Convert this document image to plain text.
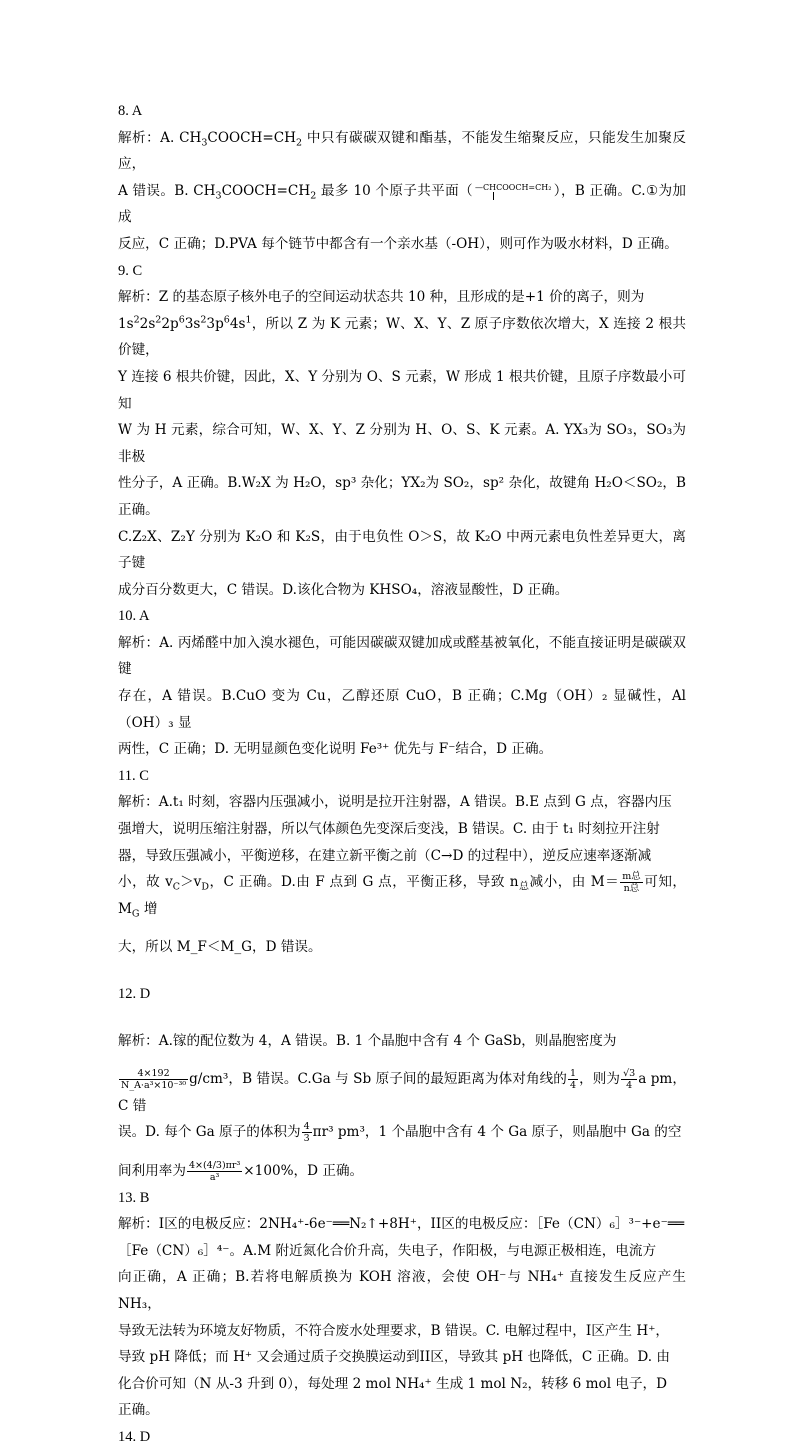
8. A

解析：A. $CH_3COOCH=CH_2$ 中只有碳碳双键和酯基，不能发生缩聚反应，只能发生加聚反应，

A 错误。B. $CH_3COOCH=CH_2$ 最多 10 个原子共平面（ —CHCOOCH=CH₂ ），B 正确。C.①为加成

反应，C 正确；D.PVA 每个链节中都含有一个亲水基（-OH），则可作为吸水材料，D 正确。

9. C

解析：Z 的基态原子核外电子的空间运动状态共 10 种，且形成的是+1 价的离子，则为

$1s^22s^22p^63s^23p^64s^1$，所以 Z 为 K 元素；W、X、Y、Z 原子序数依次增大，X 连接 2 根共价键，

Y 连接 6 根共价键，因此，X、Y 分别为 O、S 元素，W 形成 1 根共价键，且原子序数最小可知

W 为 H 元素，综合可知，W、X、Y、Z 分别为 H、O、S、K 元素。A. YX₃为 SO₃，SO₃为非极

性分子，A 正确。B.W₂X 为 H₂O，sp³ 杂化；YX₂为 SO₂，sp² 杂化，故键角 H₂O＜SO₂，B 正确。

C.Z₂X、Z₂Y 分别为 K₂O 和 K₂S，由于电负性 O＞S，故 K₂O 中两元素电负性差异更大，离子键

成分百分数更大，C 错误。D.该化合物为 KHSO₄，溶液显酸性，D 正确。

10. A

解析：A. 丙烯醛中加入溴水褪色，可能因碳碳双键加成或醛基被氧化，不能直接证明是碳碳双键

存在，A 错误。B.CuO 变为 Cu，乙醇还原 CuO，B 正确；C.Mg（OH）₂ 显碱性，Al（OH）₃ 显

两性，C 正确；D. 无明显颜色变化说明 Fe³⁺ 优先与 F⁻结合，D 正确。

11. C

解析：A.t₁ 时刻，容器内压强减小，说明是拉开注射器，A 错误。B.E 点到 G 点，容器内压

强增大，说明压缩注射器，所以气体颜色先变深后变浅，B 错误。C. 由于 t₁ 时刻拉开注射

器，导致压强减小，平衡逆移，在建立新平衡之前（C→D 的过程中），逆反应速率逐渐减

小，故 $v_C>v_D$，C 正确。D.由 F 点到 G 点，平衡正移，导致 $n_总$减小，由 $M= \frac{\text{m总}}{\text{n总}}$ 可知，$M_G$ 增

大，所以 M_F＜M_G，D 错误。

12. D

解析：A.镓的配位数为 4，A 错误。B. 1 个晶胞中含有 4 个 GaSb，则晶胞密度为

$\frac{4\times 192}{\text{N\_A·a³×10⁻³⁰}} g/cm^3$，B 错误。C.Ga 与 Sb 原子间的最短距离为体对角线的 $\frac{1}{4}$ ，则为 $\frac{√3}{4}$ a pm，C 错

误。D. 每个 Ga 原子的体积为 $\frac{4}{3} \pi r^3$ pm³，1 个晶胞中含有 4 个 Ga 原子，则晶胞中 Ga 的空

间利用率为 $\frac{\text{4×(4/3)πr³}}{\text{a³}} \times 100\%$，D 正确。

13. B

解析：I区的电极反应：2NH₄⁺-6e⁻══N₂↑+8H⁺，II区的电极反应：［Fe（CN）₆］³⁻+e⁻══

［Fe（CN）₆］⁴⁻。A.M 附近氮化合价升高，失电子，作阳极，与电源正极相连，电流方

向正确，A 正确；B.若将电解质换为 KOH 溶液，会使 OH⁻与 NH₄⁺ 直接发生反应产生 NH₃，

导致无法转为环境友好物质，不符合废水处理要求，B 错误。C. 电解过程中，I区产生 H⁺，

导致 pH 降低；而 H⁺ 又会通过质子交换膜运动到II区，导致其 pH 也降低，C 正确。D. 由

化合价可知（N 从-3 升到 0），每处理 2 mol NH₄⁺ 生成 1 mol N₂，转移 6 mol 电子，D

正确。

14. D
